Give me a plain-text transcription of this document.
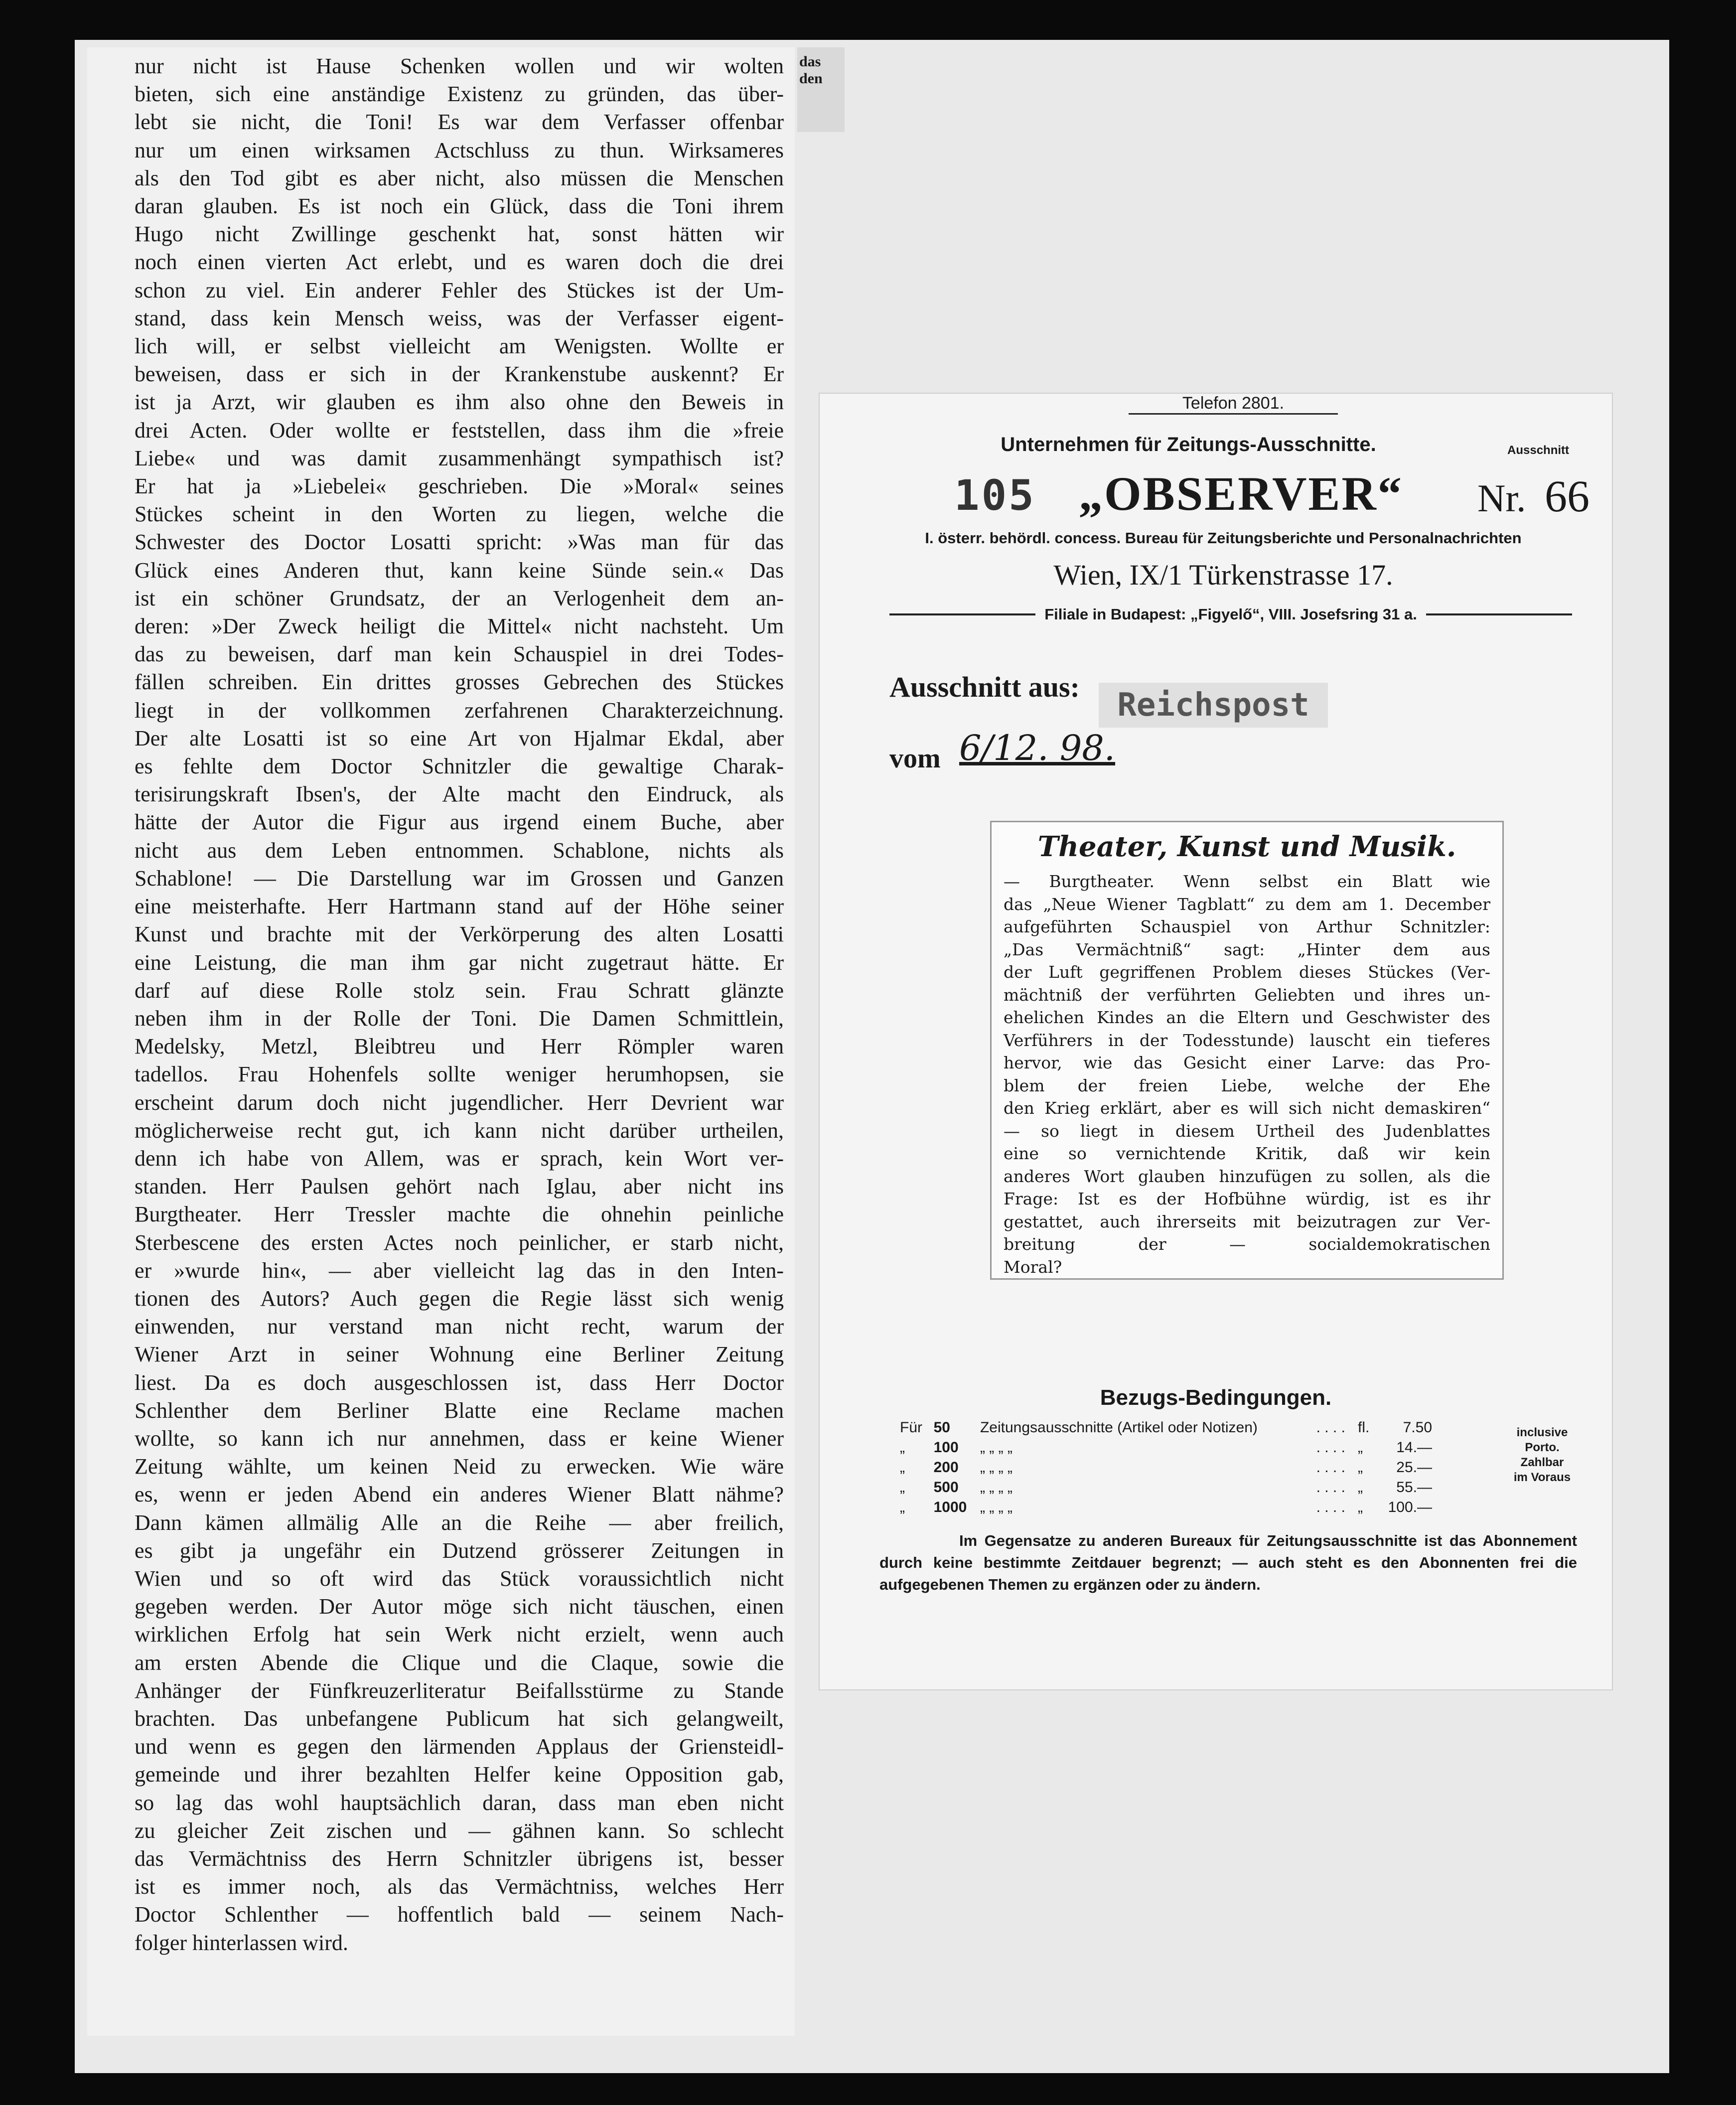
nur nicht ist Hause Schenken wollen und wir wolten
bieten, sich eine anständige Existenz zu gründen, das über-
lebt sie nicht, die Toni! Es war dem Verfasser offenbar
nur um einen wirksamen Actschluss zu thun. Wirksameres
als den Tod gibt es aber nicht, also müssen die Menschen
daran glauben. Es ist noch ein Glück, dass die Toni ihrem
Hugo nicht Zwillinge geschenkt hat, sonst hätten wir
noch einen vierten Act erlebt, und es waren doch die drei
schon zu viel. Ein anderer Fehler des Stückes ist der Um-
stand, dass kein Mensch weiss, was der Verfasser eigent-
lich will, er selbst vielleicht am Wenigsten. Wollte er
beweisen, dass er sich in der Krankenstube auskennt? Er
ist ja Arzt, wir glauben es ihm also ohne den Beweis in
drei Acten. Oder wollte er feststellen, dass ihm die »freie
Liebe« und was damit zusammenhängt sympathisch ist?
Er hat ja »Liebelei« geschrieben. Die »Moral« seines
Stückes scheint in den Worten zu liegen, welche die
Schwester des Doctor Losatti spricht: »Was man für das
Glück eines Anderen thut, kann keine Sünde sein.« Das
ist ein schöner Grundsatz, der an Verlogenheit dem an-
deren: »Der Zweck heiligt die Mittel« nicht nachsteht. Um
das zu beweisen, darf man kein Schauspiel in drei Todes-
fällen schreiben. Ein drittes grosses Gebrechen des Stückes
liegt in der vollkommen zerfahrenen Charakterzeichnung.
Der alte Losatti ist so eine Art von Hjalmar Ekdal, aber
es fehlte dem Doctor Schnitzler die gewaltige Charak-
terisirungskraft Ibsen's, der Alte macht den Eindruck, als
hätte der Autor die Figur aus irgend einem Buche, aber
nicht aus dem Leben entnommen. Schablone, nichts als
Schablone! — Die Darstellung war im Grossen und Ganzen
eine meisterhafte. Herr Hartmann stand auf der Höhe seiner
Kunst und brachte mit der Verkörperung des alten Losatti
eine Leistung, die man ihm gar nicht zugetraut hätte. Er
darf auf diese Rolle stolz sein. Frau Schratt glänzte
neben ihm in der Rolle der Toni. Die Damen Schmittlein,
Medelsky, Metzl, Bleibtreu und Herr Römpler waren
tadellos. Frau Hohenfels sollte weniger herumhopsen, sie
erscheint darum doch nicht jugendlicher. Herr Devrient war
möglicherweise recht gut, ich kann nicht darüber urtheilen,
denn ich habe von Allem, was er sprach, kein Wort ver-
standen. Herr Paulsen gehört nach Iglau, aber nicht ins
Burgtheater. Herr Tressler machte die ohnehin peinliche
Sterbescene des ersten Actes noch peinlicher, er starb nicht,
er »wurde hin«, — aber vielleicht lag das in den Inten-
tionen des Autors? Auch gegen die Regie lässt sich wenig
einwenden, nur verstand man nicht recht, warum der
Wiener Arzt in seiner Wohnung eine Berliner Zeitung
liest. Da es doch ausgeschlossen ist, dass Herr Doctor
Schlenther dem Berliner Blatte eine Reclame machen
wollte, so kann ich nur annehmen, dass er keine Wiener
Zeitung wählte, um keinen Neid zu erwecken. Wie wäre
es, wenn er jeden Abend ein anderes Wiener Blatt nähme?
Dann kämen allmälig Alle an die Reihe — aber freilich,
es gibt ja ungefähr ein Dutzend grösserer Zeitungen in
Wien und so oft wird das Stück voraussichtlich nicht
gegeben werden. Der Autor möge sich nicht täuschen, einen
wirklichen Erfolg hat sein Werk nicht erzielt, wenn auch
am ersten Abende die Clique und die Claque, sowie die
Anhänger der Fünfkreuzerliteratur Beifallsstürme zu Stande
brachten. Das unbefangene Publicum hat sich gelangweilt,
und wenn es gegen den lärmenden Applaus der Griensteidl-
gemeinde und ihrer bezahlten Helfer keine Opposition gab,
so lag das wohl hauptsächlich daran, dass man eben nicht
zu gleicher Zeit zischen und — gähnen kann. So schlecht
das Vermächtniss des Herrn Schnitzler übrigens ist, besser
ist es immer noch, als das Vermächtniss, welches Herr
Doctor Schlenther — hoffentlich bald — seinem Nach-
folger hinterlassen wird.
das
den
Telefon 2801.
Unternehmen für Zeitungs-Ausschnitte.	Ausschnitt
105 „OBSERVER“ Nr. 66
I. österr. behördl. concess. Bureau für Zeitungsberichte und Personalnachrichten
Wien, IX/1 Türkenstrasse 17.
Filiale in Budapest: „Figyelő“, VIII. Josefsring 31 a.
Ausschnitt aus:	Reichspost
vom 6/12. 98.
Theater, Kunst und Musik.
— Burgtheater. Wenn selbst ein Blatt wie
das „Neue Wiener Tagblatt“ zu dem am 1. December
aufgeführten Schauspiel von Arthur Schnitzler:
„Das Vermächtniß“ sagt: „Hinter dem aus
der Luft gegriffenen Problem dieses Stückes (Ver-
mächtniß der verführten Geliebten und ihres un-
ehelichen Kindes an die Eltern und Geschwister des
Verführers in der Todesstunde) lauscht ein tieferes
hervor, wie das Gesicht einer Larve: das Pro-
blem der freien Liebe, welche der Ehe
den Krieg erklärt, aber es will sich nicht demaskiren“
— so liegt in diesem Urtheil des Judenblattes
eine so vernichtende Kritik, daß wir kein
anderes Wort glauben hinzufügen zu sollen, als die
Frage: Ist es der Hofbühne würdig, ist es ihr
gestattet, auch ihrerseits mit beizutragen zur Ver-
breitung der — socialdemokratischen
Moral?
Bezugs-Bedingungen.
Für	50	Zeitungsausschnitte (Artikel oder Notizen)	. . . .	fl.	7.50
„	100	„ „ „ „	. . . .	„	14.—
„	200	„ „ „ „	. . . .	„	25.—
„	500	„ „ „ „	. . . .	„	55.—
„	1000	„ „ „ „	. . . .	„	100.—
inclusive
Porto.
Zahlbar
im Voraus
Im Gegensatze zu anderen Bureaux für Zeitungsausschnitte ist das Abonnement durch keine bestimmte Zeitdauer begrenzt; — auch steht es den Abonnenten frei die aufgegebenen Themen zu ergänzen oder zu ändern.
